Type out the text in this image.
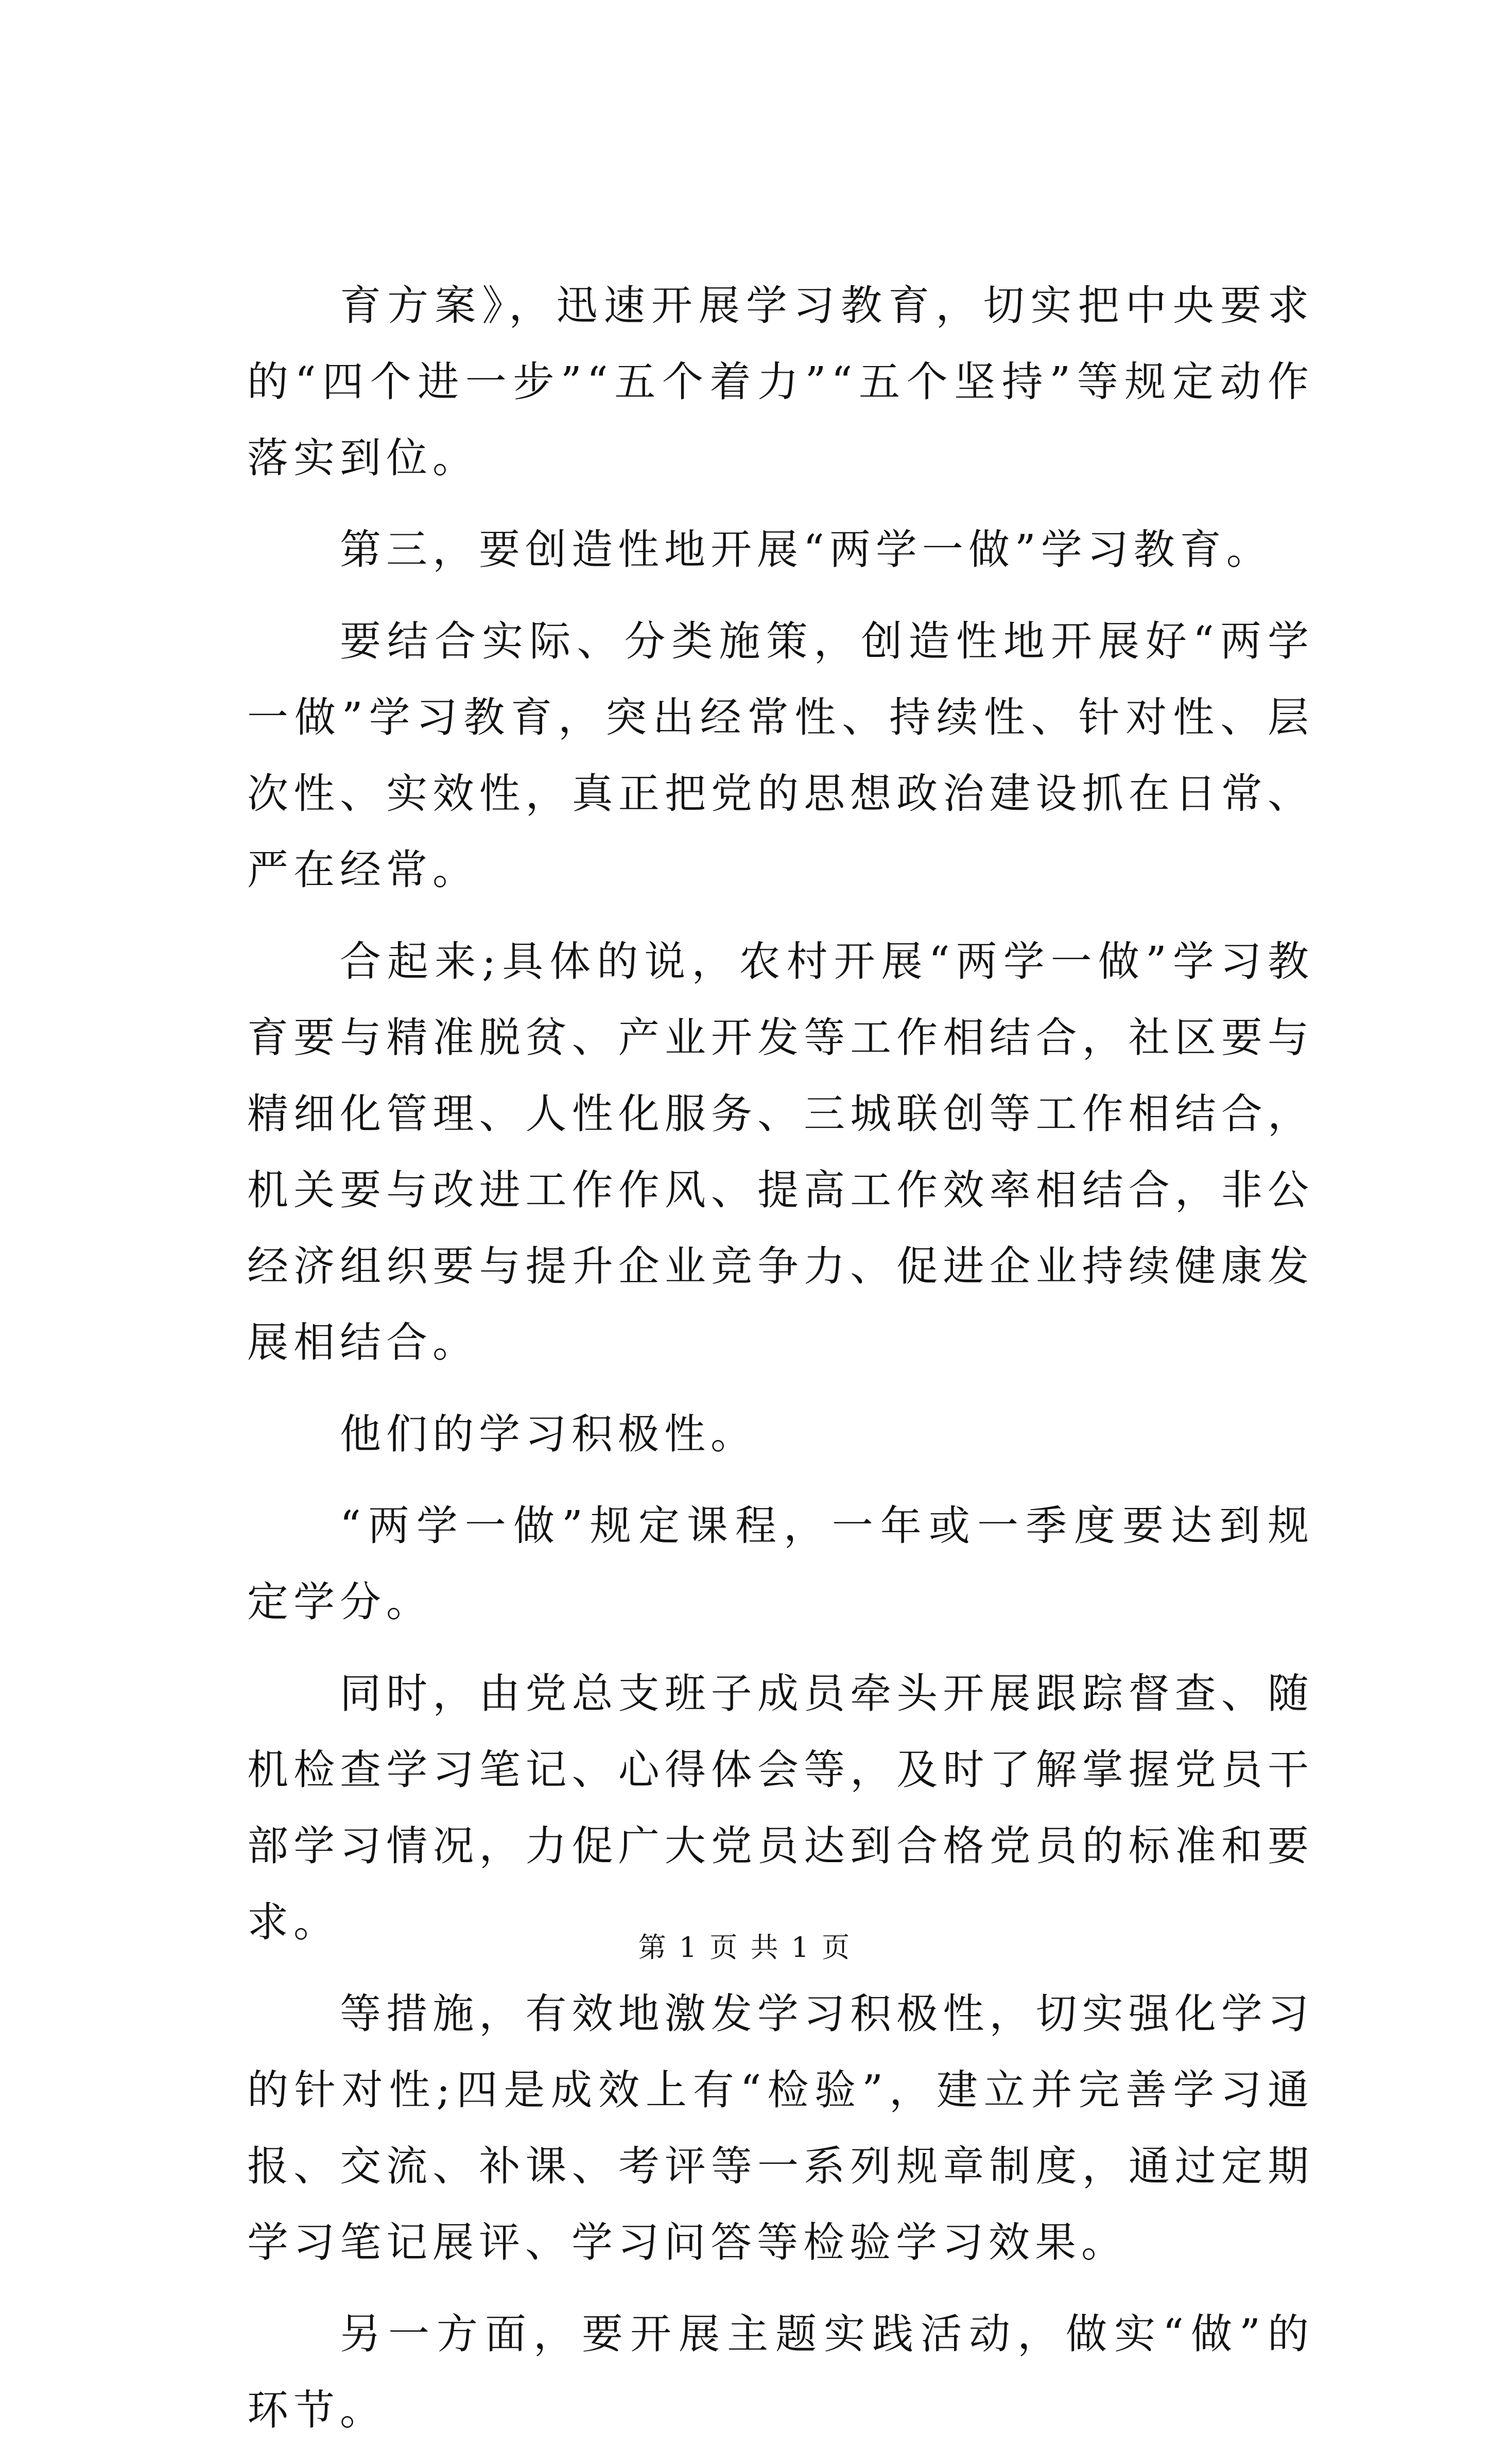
育方案》，迅速开展学习教育，切实把中央要求的“四个进一步”“五个着力”“五个坚持”等规定动作落实到位。

第三，要创造性地开展“两学一做”学习教育。

要结合实际、分类施策，创造性地开展好“两学一做”学习教育，突出经常性、持续性、针对性、层次性、实效性，真正把党的思想政治建设抓在日常、严在经常。

合起来;具体的说，农村开展“两学一做”学习教育要与精准脱贫、产业开发等工作相结合，社区要与精细化管理、人性化服务、三城联创等工作相结合，机关要与改进工作作风、提高工作效率相结合，非公经济组织要与提升企业竞争力、促进企业持续健康发展相结合。

他们的学习积极性。

“两学一做”规定课程，一年或一季度要达到规定学分。

同时，由党总支班子成员牵头开展跟踪督查、随机检查学习笔记、心得体会等，及时了解掌握党员干部学习情况，力促广大党员达到合格党员的标准和要求。

等措施，有效地激发学习积极性，切实强化学习的针对性;四是成效上有“检验”，建立并完善学习通报、交流、补课、考评等一系列规章制度，通过定期学习笔记展评、学习问答等检验学习效果。

另一方面，要开展主题实践活动，做实“做”的环节。

第 1 页 共 1 页
